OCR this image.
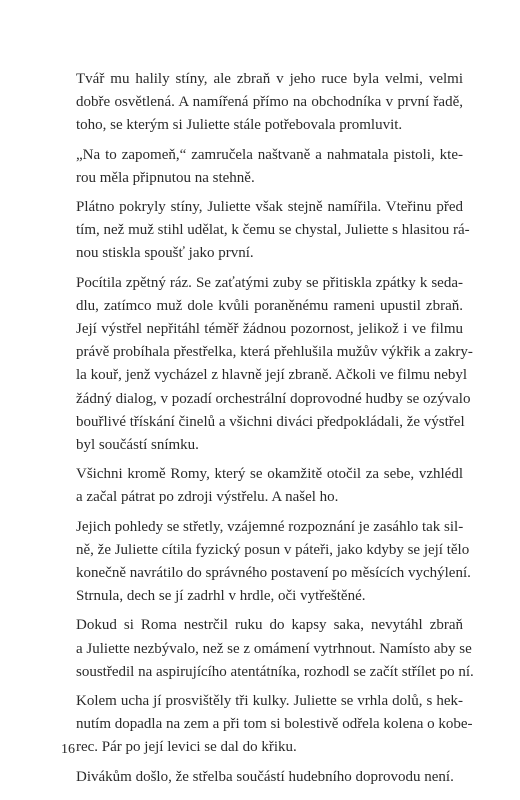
Tvář mu halily stíny, ale zbraň v jeho ruce byla velmi, velmi
dobře osvětlená. A namířená přímo na obchodníka v první řadě,
toho, se kterým si Juliette stále potřebovala promluvit.

„Na to zapomeň,“ zamručela naštvaně a nahmatala pistoli, kte-
rou měla připnutou na stehně.

Plátno pokryly stíny, Juliette však stejně namířila. Vteřinu před
tím, než muž stihl udělat, k čemu se chystal, Juliette s hlasitou rá-
nou stiskla spoušť jako první.

Pocítila zpětný ráz. Se zaťatými zuby se přitiskla zpátky k seda-
dlu, zatímco muž dole kvůli poraněnému rameni upustil zbraň.
Její výstřel nepřitáhl téměř žádnou pozornost, jelikož i ve filmu
právě probíhala přestřelka, která přehlušila mužův výkřik a zakry-
la kouř, jenž vycházel z hlavně její zbraně. Ačkoli ve filmu nebyl
žádný dialog, v pozadí orchestrální doprovodné hudby se ozývalo
bouřlivé třískání činelů a všichni diváci předpokládali, že výstřel
byl součástí snímku.

Všichni kromě Romy, který se okamžitě otočil za sebe, vzhlédl
a začal pátrat po zdroji výstřelu. A našel ho.

Jejich pohledy se střetly, vzájemné rozpoznání je zasáhlo tak sil-
ně, že Juliette cítila fyzický posun v páteři, jako kdyby se její tělo
konečně navrátilo do správného postavení po měsících vychýlení.
Strnula, dech se jí zadrhl v hrdle, oči vytřeštěné.

Dokud si Roma nestrčil ruku do kapsy saka, nevytáhl zbraň
a Juliette nezbývalo, než se z omámení vytrhnout. Namísto aby se
soustředil na aspirujícího atentátníka, rozhodl se začít střílet po ní.

Kolem ucha jí prosvištěly tři kulky. Juliette se vrhla dolů, s hek-
nutím dopadla na zem a při tom si bolestivě odřela kolena o kobe-
rec. Pár po její levici se dal do křiku.

Divákům došlo, že střelba součástí hudebního doprovodu není.

16
